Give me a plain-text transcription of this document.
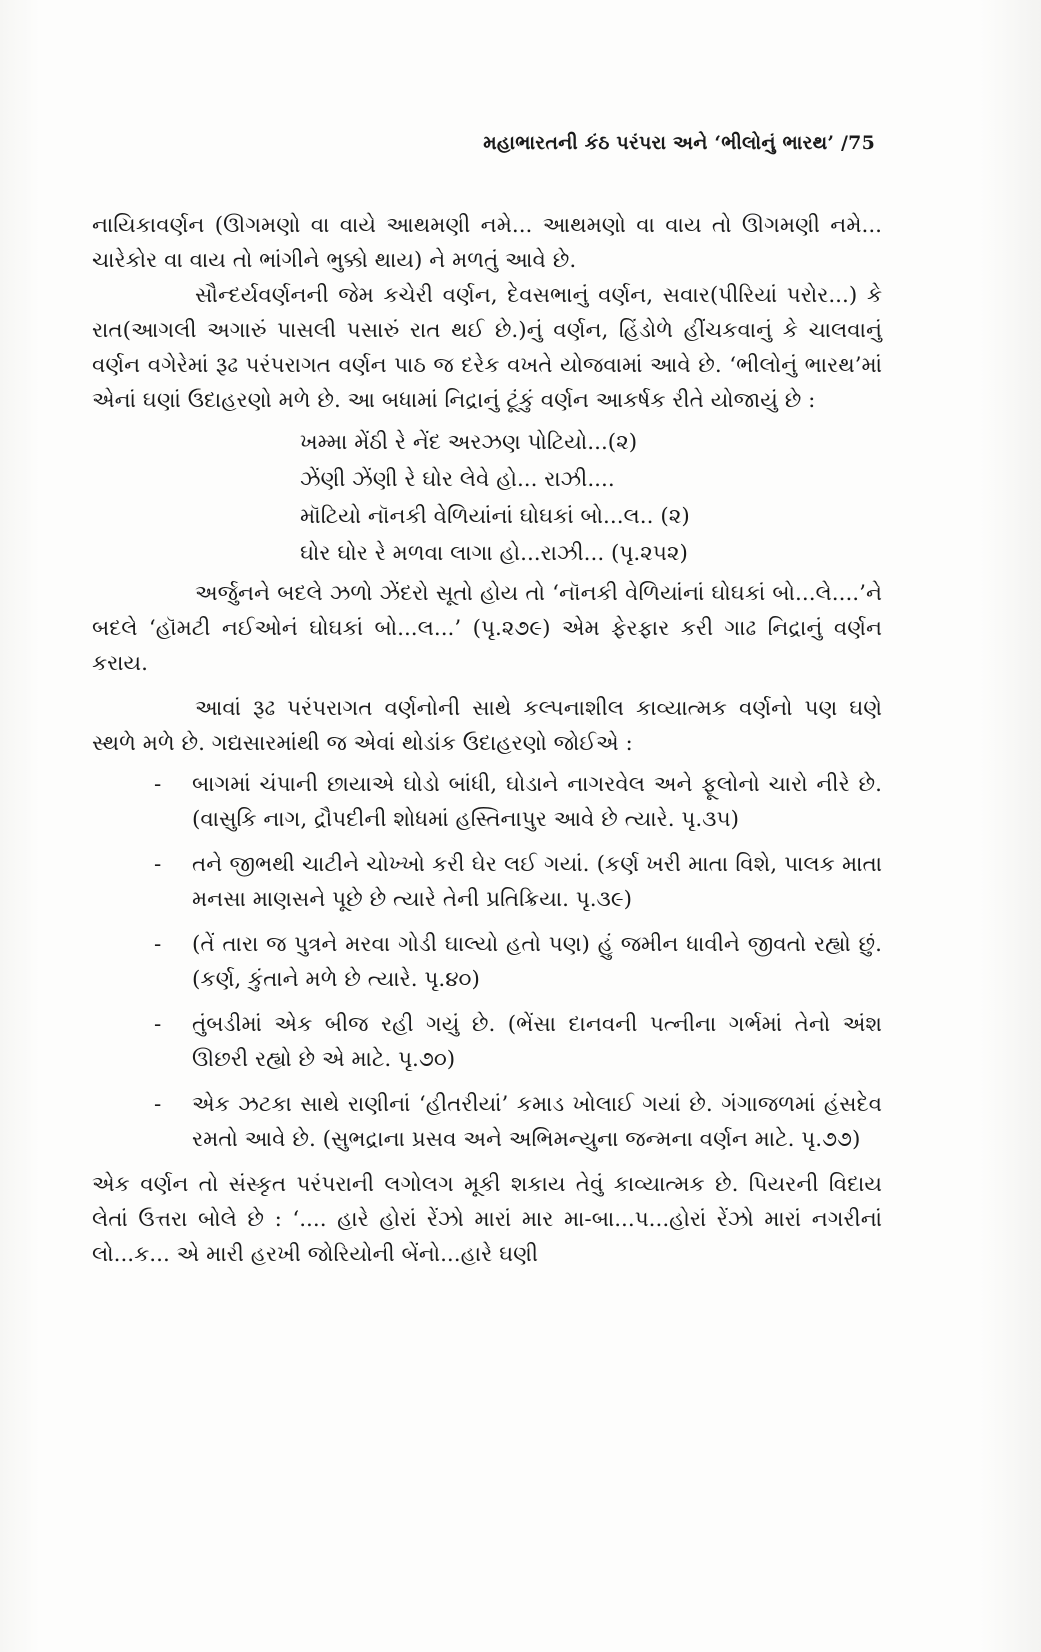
મહાભારતની કંઠ પરંપરા અને ‘ભીલોનું ભારથ’ /75

નાયિકાવર્ણન (ઊગમણો વા વાયે આથમણી નમે... આથમણો વા વાય તો ઊગમણી નમે... ચારેકોર વા વાય તો ભાંગીને ભુક્કો થાય) ને મળતું આવે છે.

સૌન્દર્યવર્ણનની જેમ કચેરી વર્ણન, દેવસભાનું વર્ણન, સવાર(પીરિયાં પરોર...) કે રાત(આગલી અગારું પાસલી પસારું રાત થઈ છે.)નું વર્ણન, હિંડોળે હીંચકવાનું કે ચાલવાનું વર્ણન વગેરેમાં રૂઢ પરંપરાગત વર્ણન પાઠ જ દરેક વખતે યોજવામાં આવે છે. ‘ભીલોનું ભારથ’માં એનાં ઘણાં ઉદાહરણો મળે છે. આ બધામાં નિદ્રાનું ટૂંકું વર્ણન આકર્ષક રીતે યોજાયું છે :

ખમ્મા મેંઠી રે નેંદ અરઝણ પોટિયો...(૨)
ઝેંણી ઝેંણી રે ઘોર લેવે હો... રાઝી....
મૉટિયો નૉનકી વેળિયાંનાં ઘોઘકાં બો...લ.. (૨)
ઘોર ઘોર રે મળવા લાગા હો...રાઝી... (પૃ.૨૫૨)

અર્જુનને બદલે ઝળો ઝેંદરો સૂતો હોય તો ‘નૉનકી વેળિયાંનાં ઘોઘકાં બો...લે....’ને બદલે ‘હૉમટી નઈઓનં ઘોઘકાં બો...લ...’ (પૃ.૨૭૯) એમ ફેરફાર કરી ગાઢ નિદ્રાનું વર્ણન કરાય.

આવાં રૂઢ પરંપરાગત વર્ણનોની સાથે કલ્પનાશીલ કાવ્યાત્મક વર્ણનો પણ ઘણે સ્થળે મળે છે. ગદ્યસારમાંથી જ એવાં થોડાંક ઉદાહરણો જોઈએ :

- બાગમાં ચંપાની છાયાએ ઘોડો બાંધી, ઘોડાને નાગરવેલ અને ફૂલોનો ચારો નીરે છે. (વાસુકિ નાગ, દ્રૌપદીની શોધમાં હસ્તિનાપુર આવે છે ત્યારે. પૃ.૩૫)
- તને જીભથી ચાટીને ચોખ્ખો કરી ઘેર લઈ ગયાં. (કર્ણ ખરી માતા વિશે, પાલક માતા મનસા માણસને પૂછે છે ત્યારે તેની પ્રતિક્રિયા. પૃ.૩૯)
- (તેં તારા જ પુત્રને મરવા ગોડી ઘાલ્યો હતો પણ) હું જમીન ધાવીને જીવતો રહ્યો છું. (કર્ણ, કુંતાને મળે છે ત્યારે. પૃ.૪૦)
- તુંબડીમાં એક બીજ રહી ગયું છે. (ભેંસા દાનવની પત્નીના ગર્ભમાં તેનો અંશ ઊછરી રહ્યો છે એ માટે. પૃ.૭૦)
- એક ઝટકા સાથે રાણીનાં ‘હીતરીયાં’ કમાડ ખોલાઈ ગયાં છે. ગંગાજળમાં હંસદેવ રમતો આવે છે. (સુભદ્રાના પ્રસવ અને અભિમન્યુના જન્મના વર્ણન માટે. પૃ.૭૭)

એક વર્ણન તો સંસ્કૃત પરંપરાની લગોલગ મૂકી શકાય તેવું કાવ્યાત્મક છે. પિયરની વિદાય લેતાં ઉત્તરા બોલે છે : ‘.... હારે હોરાં રેંઝો મારાં માર મા-બા...પ...હોરાં રેંઝો મારાં નગરીનાં લો...ક... એ મારી હરખી જોરિયોની બેંનો...હારે ઘણી
